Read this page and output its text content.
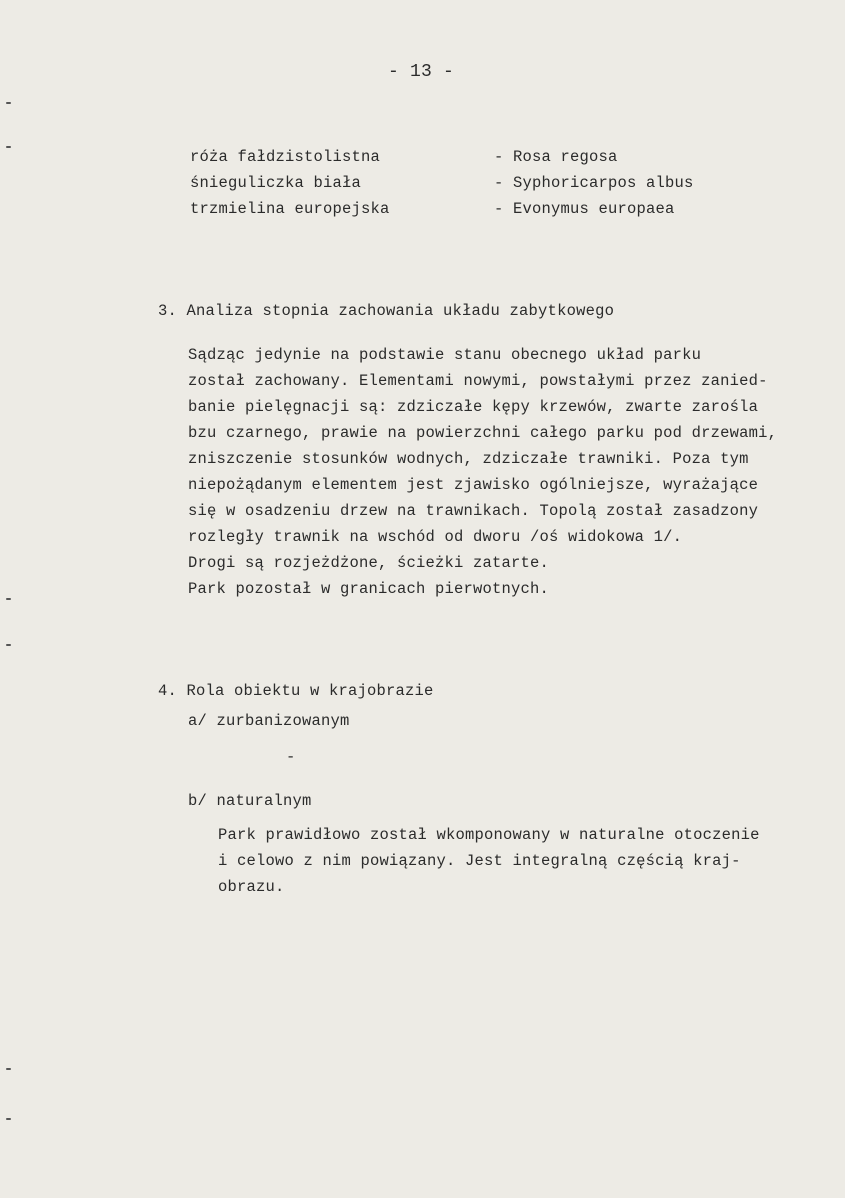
- 13 -
róża fałdzistolistna	- Rosa regosa
śnieguliczka biała	- Syphoricarpos albus
trzmielina europejska	- Evonymus europaea
3. Analiza stopnia zachowania układu zabytkowego
Sądząc jedynie na podstawie stanu obecnego układ parku
został zachowany. Elementami nowymi, powstałymi przez zanied-
banie pielęgnacji są: zdziczałe kępy krzewów, zwarte zarośla
bzu czarnego, prawie na powierzchni całego parku pod drzewami,
zniszczenie stosunków wodnych, zdziczałe trawniki. Poza tym
niepożądanym elementem jest zjawisko ogólniejsze, wyrażające
się w osadzeniu drzew na trawnikach. Topolą został zasadzony
rozległy trawnik na wschód od dworu /oś widokowa 1/.
Drogi są rozjeżdżone, ścieżki zatarte.
Park pozostał w granicach pierwotnych.
4. Rola obiektu w krajobrazie
a/ zurbanizowanym
-
b/ naturalnym
Park prawidłowo został wkomponowany w naturalne otoczenie
i celowo z nim powiązany. Jest integralną częścią kraj-
obrazu.
